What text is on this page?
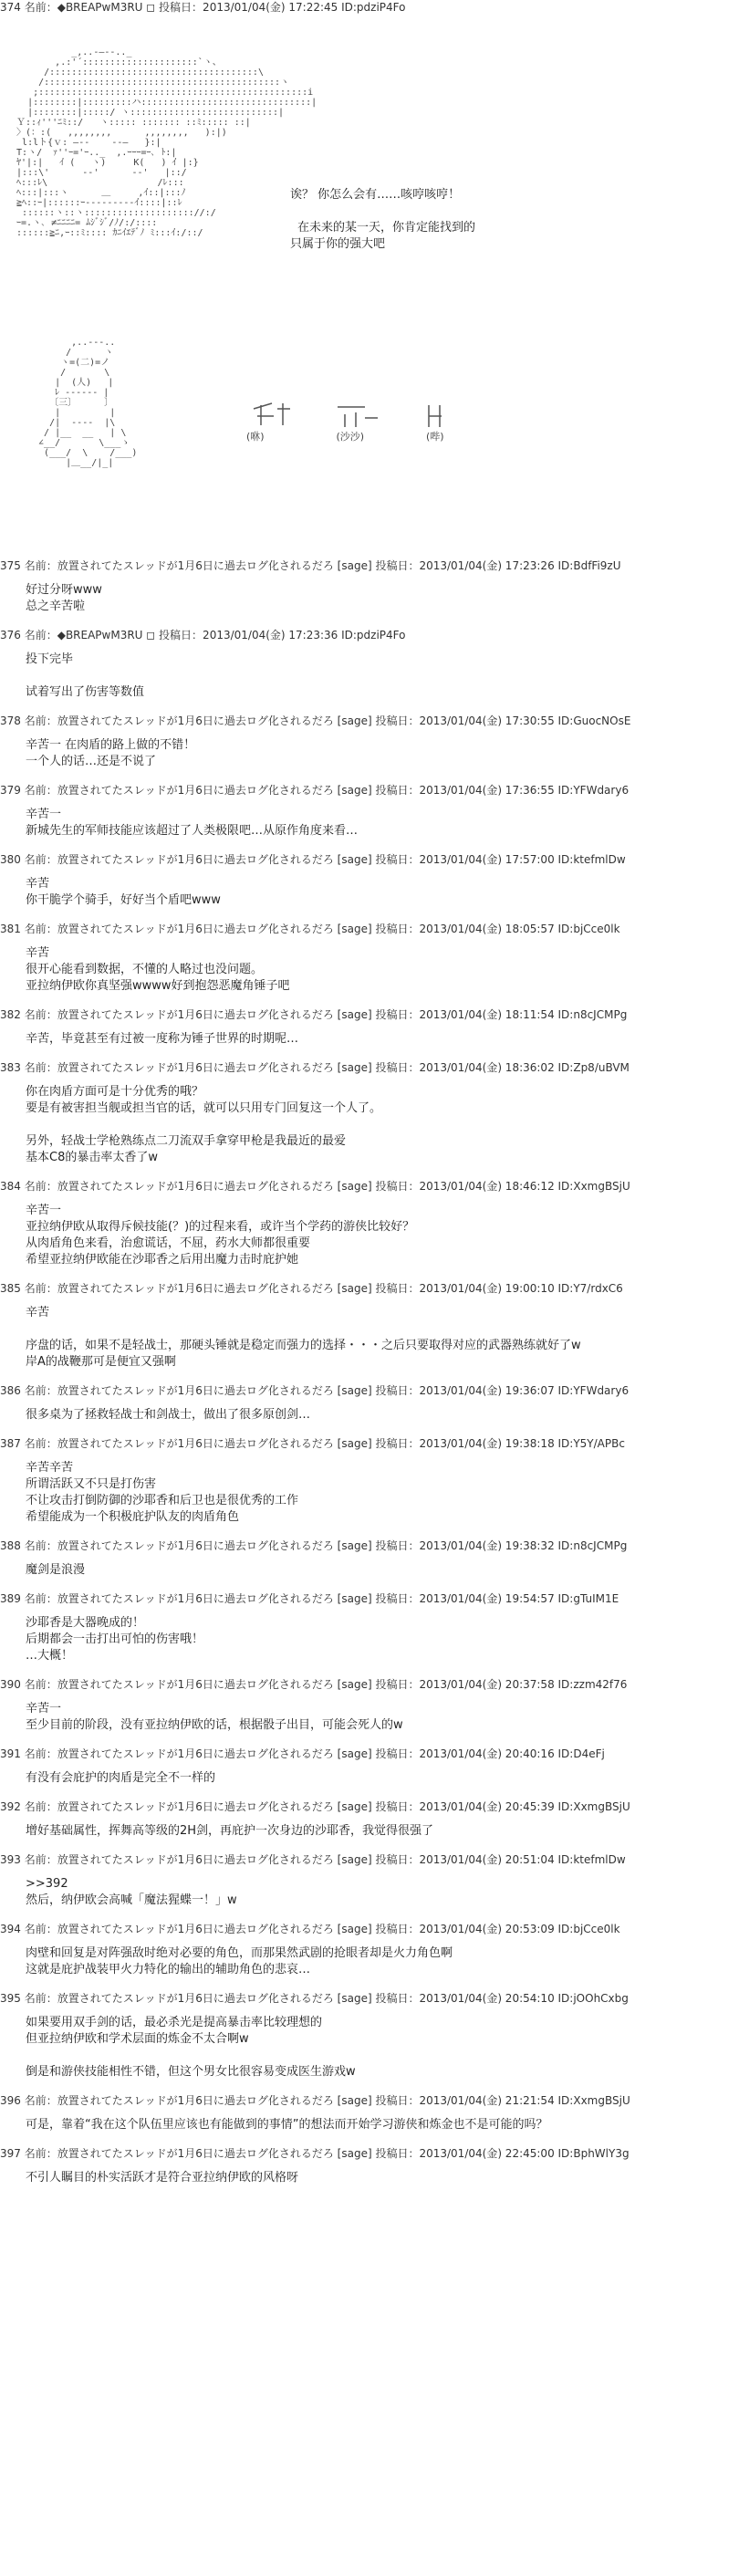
374 名前：◆BREAPwM3RU ◻ 投稿日：2013/01/04(金) 17:22:45 ID:pdziP4Fo
_,..-―‐-.._
,.:'´:::::::::::::::::::::`ヽ、
/::::::::::::::::::::::::::::::::::::::\
/:::::::::::::::::::::::::::::::::::::::::::ヽ
;:::::::::::::::::::::::::::::::::::::::::::::::::i
|::::::::|:::::::::ハ:::::::::::::::::::::::::::::::|
|::::::::|:::::/ ヽ:::::::::::::::::::::::::::|
Ｙ::ｨ'''ﾆﾐ::/   ヽ::::: ::::::: ::ﾐ::::: ::|
〉(：:(   ,,,,,,,,      ,,,,,,,,   ):|)
l:lト{ｖ: ―‐‐    ‐‐―   }:|
T:ヽ/  ｧ''ｰ='ｰ.._  ,.ｰｰｰ=ｰ､ ﾄ:|
ﾔ'|:|   ｲ (   ヽ)     K(   ) ｲ |:}
|:::\'      ‐‐'      ‐‐'   |::/
ﾍ:::ﾚ\                    /ﾚ:::
ﾍ:::|:::ヽ      ＿     ,ｲ::|:::ﾉ
≧ﾍ::ｰ|::::::ｰ--------‐ｲ::::|::ﾚ
::::::ヽ::ヽ:::::::::::::::::::://:/
ｰ=.ヽ､ ≠ﾆﾆﾆﾆ= ﾑｼﾞｼﾞ/ﾉ/:/::::
::::::≧ﾆ,ｰ::ﾐ:::: ｶﾆｲｴﾃﾞﾉ ﾐ:::ｲ:/::/
诶？ 你怎么会有……咳哼咳哼！
在未来的某一天，你肯定能找到的
只属于你的强大吧
,..-‐-..
/      ヽ
ヽ=(二)=ノ
/       \
|  (人)   |
ﾚ ‐‐‐‐‐‐ |
〔三〕     〕
|         |
/|  ‐‐‐‐  |\
/ |__  __   | \
∠__/       \___ゝ
(___/  \    /___)
|＿__/|_|
(咻)	(沙沙)	(哔)
375 名前：放置されてたスレッドが1月6日に過去ログ化されるだろ [sage] 投稿日：2013/01/04(金) 17:23:26 ID:BdfFi9zU
好过分呀www
总之辛苦啦
376 名前：◆BREAPwM3RU ◻ 投稿日：2013/01/04(金) 17:23:36 ID:pdziP4Fo
投下完毕
试着写出了伤害等数值
378 名前：放置されてたスレッドが1月6日に過去ログ化されるだろ [sage] 投稿日：2013/01/04(金) 17:30:55 ID:GuocNOsE
辛苦一 在肉盾的路上做的不错！
一个人的话…还是不说了
379 名前：放置されてたスレッドが1月6日に過去ログ化されるだろ [sage] 投稿日：2013/01/04(金) 17:36:55 ID:YFWdary6
辛苦一
新城先生的军师技能应该超过了人类极限吧…从原作角度来看…
380 名前：放置されてたスレッドが1月6日に過去ログ化されるだろ [sage] 投稿日：2013/01/04(金) 17:57:00 ID:ktefmlDw
辛苦
你干脆学个骑手，好好当个盾吧www
381 名前：放置されてたスレッドが1月6日に過去ログ化されるだろ [sage] 投稿日：2013/01/04(金) 18:05:57 ID:bjCce0lk
辛苦
很开心能看到数据，不懂的人略过也没问题。
亚拉纳伊欧你真坚强wwww好到抱怨恶魔角锤子吧
382 名前：放置されてたスレッドが1月6日に過去ログ化されるだろ [sage] 投稿日：2013/01/04(金) 18:11:54 ID:n8cJCMPg
辛苦，毕竟甚至有过被一度称为锤子世界的时期呢…
383 名前：放置されてたスレッドが1月6日に過去ログ化されるだろ [sage] 投稿日：2013/01/04(金) 18:36:02 ID:Zp8/uBVM
你在肉盾方面可是十分优秀的哦？
要是有被害担当舰或担当官的话，就可以只用专门回复这一个人了。
另外，轻战士学枪熟练点二刀流双手拿穿甲枪是我最近的最爱
基本C8的暴击率太香了w
384 名前：放置されてたスレッドが1月6日に過去ログ化されるだろ [sage] 投稿日：2013/01/04(金) 18:46:12 ID:XxmgBSjU
辛苦一
亚拉纳伊欧从取得斥候技能(？)的过程来看，或许当个学药的游侠比较好？
从肉盾角色来看，治愈谎话，不屈，药水大师都很重要
希望亚拉纳伊欧能在沙耶香之后用出魔力击时庇护她
385 名前：放置されてたスレッドが1月6日に過去ログ化されるだろ [sage] 投稿日：2013/01/04(金) 19:00:10 ID:Y7/rdxC6
辛苦
序盘的话，如果不是轻战士，那硬头锤就是稳定而强力的选择・・・之后只要取得对应的武器熟练就好了w
岸A的战鞭那可是便宜又强啊
386 名前：放置されてたスレッドが1月6日に過去ログ化されるだろ [sage] 投稿日：2013/01/04(金) 19:36:07 ID:YFWdary6
很多桌为了拯救轻战士和剑战士，做出了很多原创剑…
387 名前：放置されてたスレッドが1月6日に過去ログ化されるだろ [sage] 投稿日：2013/01/04(金) 19:38:18 ID:Y5Y/APBc
辛苦辛苦
所谓活跃又不只是打伤害
不让攻击打倒防御的沙耶香和后卫也是很优秀的工作
希望能成为一个积极庇护队友的肉盾角色
388 名前：放置されてたスレッドが1月6日に過去ログ化されるだろ [sage] 投稿日：2013/01/04(金) 19:38:32 ID:n8cJCMPg
魔剑是浪漫
389 名前：放置されてたスレッドが1月6日に過去ログ化されるだろ [sage] 投稿日：2013/01/04(金) 19:54:57 ID:gTuIM1E
沙耶香是大器晚成的！
后期都会一击打出可怕的伤害哦！
…大概！
390 名前：放置されてたスレッドが1月6日に過去ログ化されるだろ [sage] 投稿日：2013/01/04(金) 20:37:58 ID:zzm42f76
辛苦一
至少目前的阶段，没有亚拉纳伊欧的话，根据骰子出目，可能会死人的w
391 名前：放置されてたスレッドが1月6日に過去ログ化されるだろ [sage] 投稿日：2013/01/04(金) 20:40:16 ID:D4eFj
有没有会庇护的肉盾是完全不一样的
392 名前：放置されてたスレッドが1月6日に過去ログ化されるだろ [sage] 投稿日：2013/01/04(金) 20:45:39 ID:XxmgBSjU
增好基础属性，挥舞高等级的2H剑，再庇护一次身边的沙耶香，我觉得很强了
393 名前：放置されてたスレッドが1月6日に過去ログ化されるだろ [sage] 投稿日：2013/01/04(金) 20:51:04 ID:ktefmlDw
>>392
然后，纳伊欧会高喊「魔法猩蝶一！」w
394 名前：放置されてたスレッドが1月6日に過去ログ化されるだろ [sage] 投稿日：2013/01/04(金) 20:53:09 ID:bjCce0lk
肉壁和回复是对阵强敌时绝对必要的角色，而那果然武剧的抢眼者却是火力角色啊
这就是庇护战装甲火力特化的输出的辅助角色的悲哀…
395 名前：放置されてたスレッドが1月6日に過去ログ化されるだろ [sage] 投稿日：2013/01/04(金) 20:54:10 ID:jOOhCxbg
如果要用双手剑的话，最必杀光是提高暴击率比较理想的
但亚拉纳伊欧和学术层面的炼金不太合啊w
倒是和游侠技能相性不错，但这个男女比很容易变成医生游戏w
396 名前：放置されてたスレッドが1月6日に過去ログ化されるだろ [sage] 投稿日：2013/01/04(金) 21:21:54 ID:XxmgBSjU
可是，靠着“我在这个队伍里应该也有能做到的事情”的想法而开始学习游侠和炼金也不是可能的吗？
397 名前：放置されてたスレッドが1月6日に過去ログ化されるだろ [sage] 投稿日：2013/01/04(金) 22:45:00 ID:BphWlY3g
不引人瞩目的朴实活跃才是符合亚拉纳伊欧的风格呀
